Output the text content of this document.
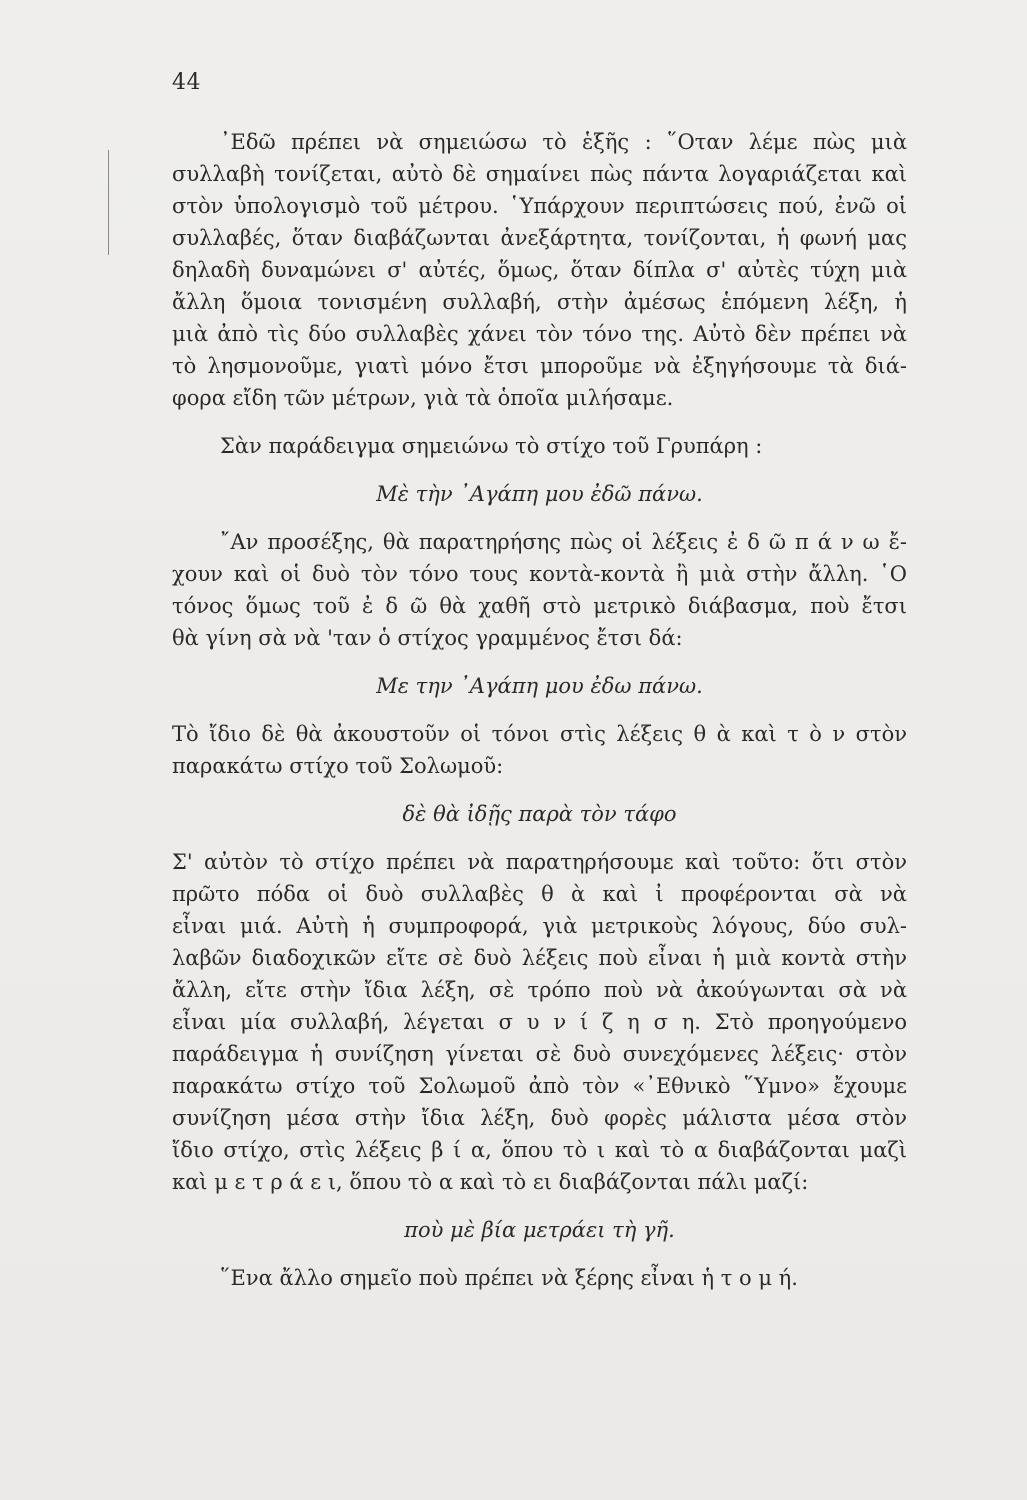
44
᾿Εδῶ πρέπει νὰ σημειώσω τὸ ἑξῆς : ῞Οταν λέμε πὼς μιὰ
συλλαβὴ τονίζεται, αὐτὸ δὲ σημαίνει πὼς πάντα λογαριάζεται καὶ
στὸν ὑπολογισμὸ τοῦ μέτρου. ῾Υπάρχουν περιπτώσεις πού, ἐνῶ οἱ
συλλαβές, ὅταν διαβάζωνται ἀνεξάρτητα, τονίζονται, ἡ φωνή μας
δηλαδὴ δυναμώνει σ' αὐτές, ὅμως, ὅταν δίπλα σ' αὐτὲς τύχη μιὰ
ἄλλη ὅμοια τονισμένη συλλαβή, στὴν ἀμέσως ἑπόμενη λέξη, ἡ
μιὰ ἀπὸ τὶς δύο συλλαβὲς χάνει τὸν τόνο της. Αὐτὸ δὲν πρέπει νὰ
τὸ λησμονοῦμε, γιατὶ μόνο ἔτσι μποροῦμε νὰ ἐξηγήσουμε τὰ διά-
φορα εἴδη τῶν μέτρων, γιὰ τὰ ὁποῖα μιλήσαμε.
Σὰν παράδειγμα σημειώνω τὸ στίχο τοῦ Γρυπάρη :
Μὲ τὴν ᾿Αγάπη μου ἐδῶ πάνω.
῎Αν προσέξης, θὰ παρατηρήσης πὼς οἱ λέξεις ἐ δ ῶ π ά ν ω ἔ-
χουν καὶ οἱ δυὸ τὸν τόνο τους κοντὰ-κοντὰ ἢ μιὰ στὴν ἄλλη. ῾Ο
τόνος ὅμως τοῦ ἐ δ ῶ θὰ χαθῆ στὸ μετρικὸ διάβασμα, ποὺ ἔτσι
θὰ γίνη σὰ νὰ 'ταν ὁ στίχος γραμμένος ἔτσι δά:
Με την ᾿Αγάπη μου ἐδω πάνω.
Τὸ ἴδιο δὲ θὰ ἀκουστοῦν οἱ τόνοι στὶς λέξεις θ ὰ καὶ τ ὸ ν στὸν
παρακάτω στίχο τοῦ Σολωμοῦ:
δὲ θὰ ἰδῇς παρὰ τὸν τάφο
Σ' αὐτὸν τὸ στίχο πρέπει νὰ παρατηρήσουμε καὶ τοῦτο: ὅτι στὸν
πρῶτο πόδα οἱ δυὸ συλλαβὲς θ ὰ καὶ ἰ προφέρονται σὰ νὰ
εἶναι μιά. Αὐτὴ ἡ συμπροφορά, γιὰ μετρικοὺς λόγους, δύο συλ-
λαβῶν διαδοχικῶν εἴτε σὲ δυὸ λέξεις ποὺ εἶναι ἡ μιὰ κοντὰ στὴν
ἄλλη, εἴτε στὴν ἴδια λέξη, σὲ τρόπο ποὺ νὰ ἀκούγωνται σὰ νὰ
εἶναι μία συλλαβή, λέγεται σ υ ν ί ζ η σ η. Στὸ προηγούμενο
παράδειγμα ἡ συνίζηση γίνεται σὲ δυὸ συνεχόμενες λέξεις· στὸν
παρακάτω στίχο τοῦ Σολωμοῦ ἀπὸ τὸν «᾿Εθνικὸ ῞Υμνο» ἔχουμε
συνίζηση μέσα στὴν ἴδια λέξη, δυὸ φορὲς μάλιστα μέσα στὸν
ἴδιο στίχο, στὶς λέξεις β ί α, ὅπου τὸ ι καὶ τὸ α διαβάζονται μαζὶ
καὶ μ ε τ ρ ά ε ι, ὅπου τὸ α καὶ τὸ ει διαβάζονται πάλι μαζί:
ποὺ μὲ βία μετράει τὴ γῆ.
῞Ενα ἄλλο σημεῖο ποὺ πρέπει νὰ ξέρης εἶναι ἡ τ ο μ ή.
